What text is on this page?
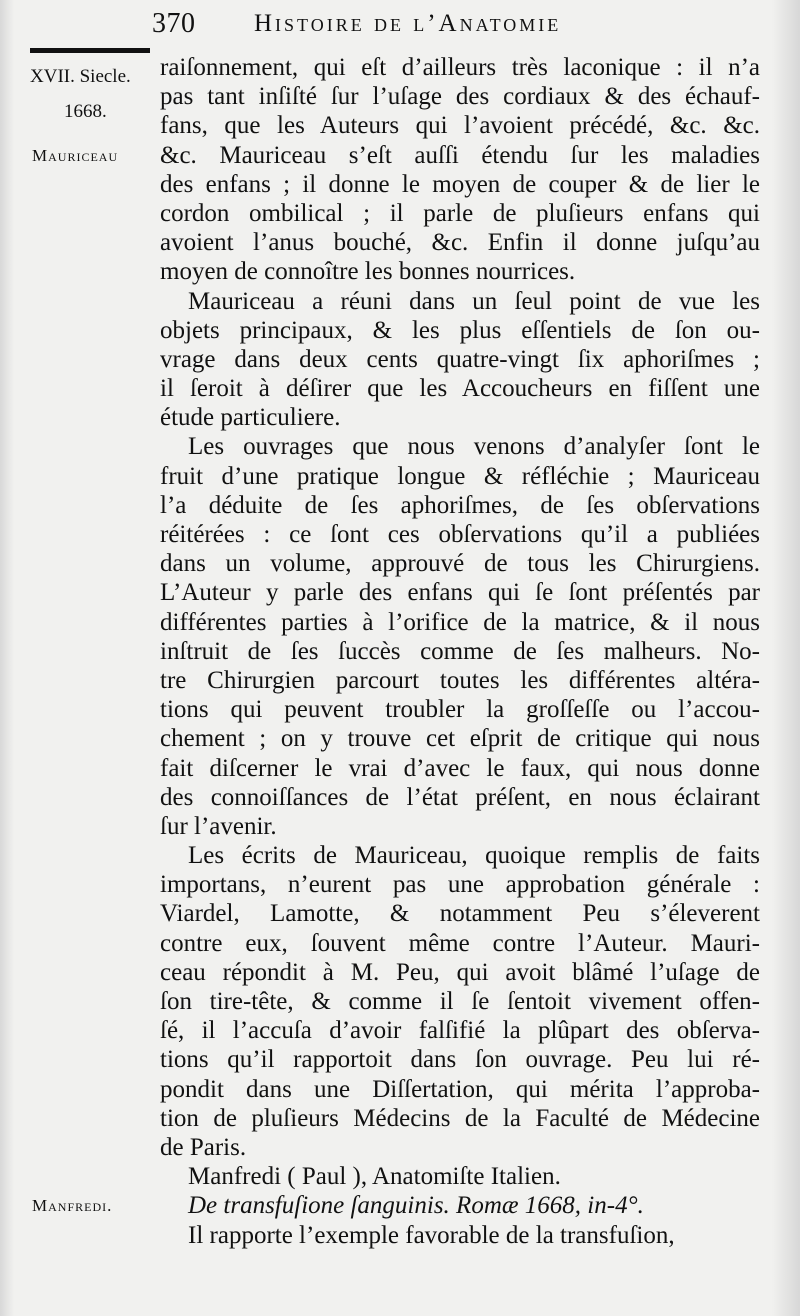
370 Histoire de l’Anatomie
XVII. Siecle.
1668.
Mauriceau
Manfredi.
raiſonnement, qui eſt d’ailleurs très laconique : il n’a
pas tant inſiſté ſur l’uſage des cordiaux & des échauf-
fans, que les Auteurs qui l’avoient précédé, &c. &c.
&c. Mauriceau s’eſt auſſi étendu ſur les maladies
des enfans ; il donne le moyen de couper & de lier le
cordon ombilical ; il parle de pluſieurs enfans qui
avoient l’anus bouché, &c. Enfin il donne juſqu’au
moyen de connoître les bonnes nourrices.
Mauriceau a réuni dans un ſeul point de vue les
objets principaux, & les plus eſſentiels de ſon ou-
vrage dans deux cents quatre-vingt ſix aphoriſmes ;
il ſeroit à déſirer que les Accoucheurs en fiſſent une
étude particuliere.
Les ouvrages que nous venons d’analyſer ſont le
fruit d’une pratique longue & réfléchie ; Mauriceau
l’a déduite de ſes aphoriſmes, de ſes obſervations
réitérées : ce ſont ces obſervations qu’il a publiées
dans un volume, approuvé de tous les Chirurgiens.
L’Auteur y parle des enfans qui ſe ſont préſentés par
différentes parties à l’orifice de la matrice, & il nous
inſtruit de ſes ſuccès comme de ſes malheurs. No-
tre Chirurgien parcourt toutes les différentes altéra-
tions qui peuvent troubler la groſſeſſe ou l’accou-
chement ; on y trouve cet eſprit de critique qui nous
fait diſcerner le vrai d’avec le faux, qui nous donne
des connoiſſances de l’état préſent, en nous éclairant
ſur l’avenir.
Les écrits de Mauriceau, quoique remplis de faits
importans, n’eurent pas une approbation générale :
Viardel, Lamotte, & notamment Peu s’éleverent
contre eux, ſouvent même contre l’Auteur. Mauri-
ceau répondit à M. Peu, qui avoit blâmé l’uſage de
ſon tire-tête, & comme il ſe ſentoit vivement offen-
ſé, il l’accuſa d’avoir falſifié la plûpart des obſerva-
tions qu’il rapportoit dans ſon ouvrage. Peu lui ré-
pondit dans une Diſſertation, qui mérita l’approba-
tion de pluſieurs Médecins de la Faculté de Médecine
de Paris.
Manfredi ( Paul ), Anatomiſte Italien.
De transfuſione ſanguinis. Romæ 1668, in-4°.
Il rapporte l’exemple favorable de la transfuſion,
